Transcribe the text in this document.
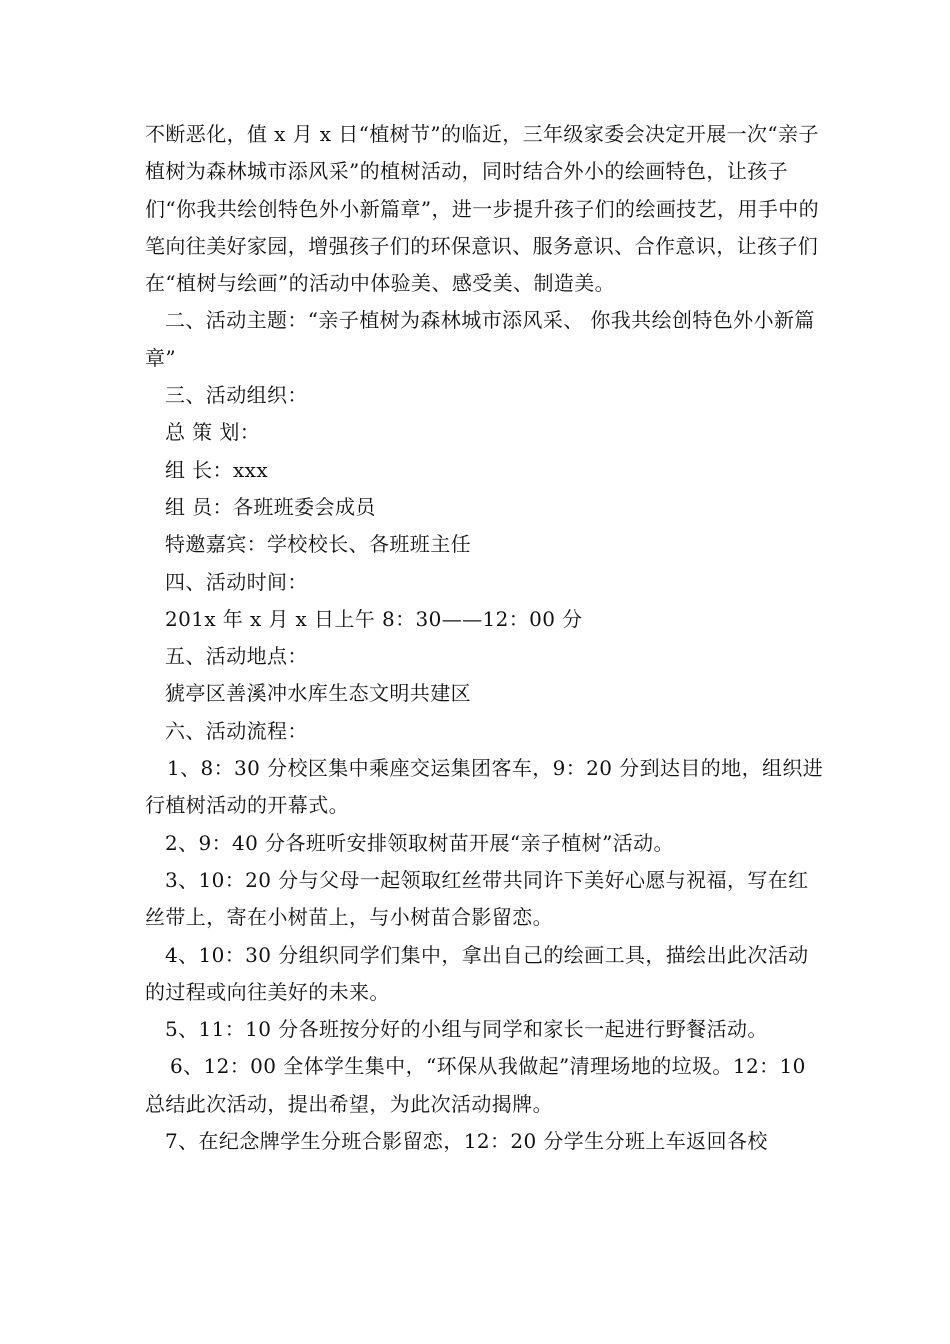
不断恶化，值 x 月 x 日“植树节”的临近，三年级家委会决定开展一次“亲子植树为森林城市添风采”的植树活动，同时结合外小的绘画特色，让孩子们“你我共绘创特色外小新篇章”，进一步提升孩子们的绘画技艺，用手中的笔向往美好家园，增强孩子们的环保意识、服务意识、合作意识，让孩子们在“植树与绘画”的活动中体验美、感受美、制造美。

二、活动主题：“亲子植树为森林城市添风采、 你我共绘创特色外小新篇章”

三、活动组织：

总 策 划：

组 长：xxx

组 员：各班班委会成员

特邀嘉宾：学校校长、各班班主任

四、活动时间：

201x 年 x 月 x 日上午 8：30——12：00 分

五、活动地点：

猇亭区善溪冲水库生态文明共建区

六、活动流程：

1、8：30 分校区集中乘座交运集团客车，9：20 分到达目的地，组织进行植树活动的开幕式。

2、9：40 分各班听安排领取树苗开展“亲子植树”活动。

3、10：20 分与父母一起领取红丝带共同许下美好心愿与祝福，写在红丝带上，寄在小树苗上，与小树苗合影留恋。

4、10：30 分组织同学们集中，拿出自己的绘画工具，描绘出此次活动的过程或向往美好的未来。

5、11：10 分各班按分好的小组与同学和家长一起进行野餐活动。

6、12：00 全体学生集中，“环保从我做起”清理场地的垃圾。12：10 总结此次活动，提出希望，为此次活动揭牌。

7、在纪念牌学生分班合影留恋，12：20 分学生分班上车返回各校
